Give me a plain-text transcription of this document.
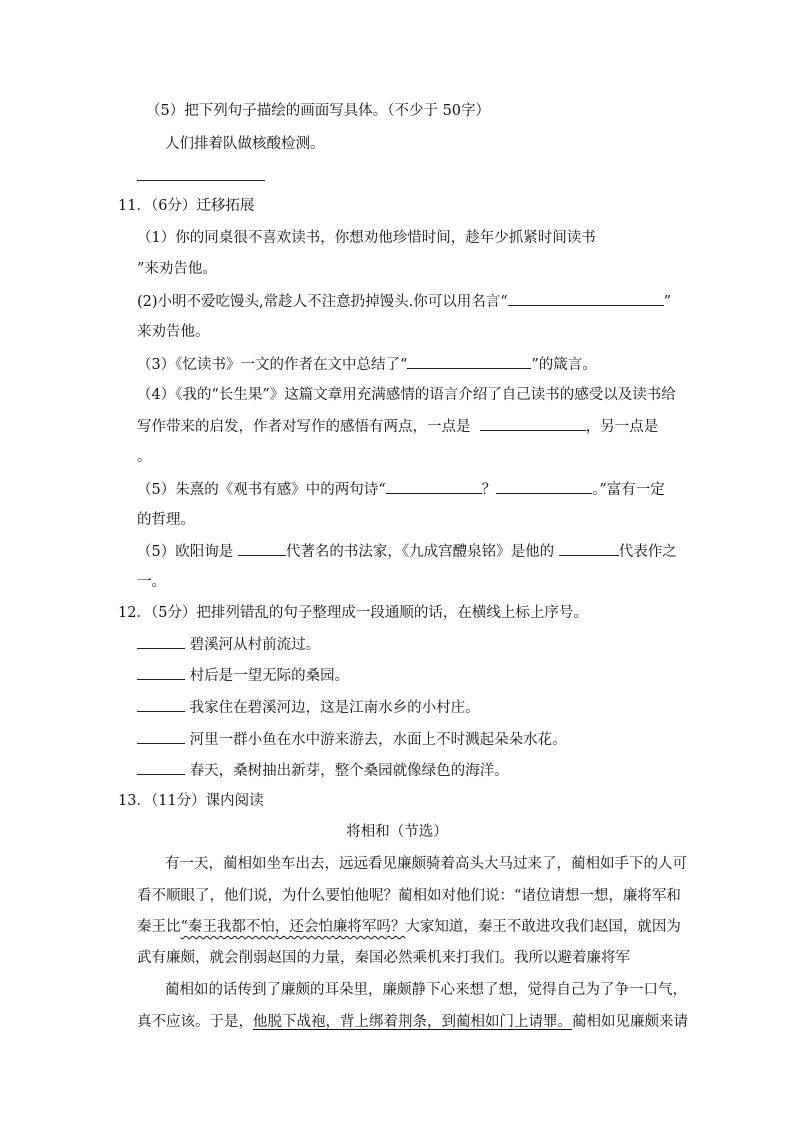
（5）把下列句子描绘的画面写具体。（不少于 50字）
人们排着队做核酸检测。
11．（6分）迁移拓展
（1）你的同桌很不喜欢读书，你想劝他珍惜时间，趁年少抓紧时间读书
”来劝告他。
(2)小明不爱吃馒头,常趁人不注意扔掉馒头.你可以用名言“	”
来劝告他。
（3）《忆读书》一文的作者在文中总结了“	”的箴言。
（4）《我的“长生果”》这篇文章用充满感情的语言介绍了自己读书的感受以及读书给
写作带来的启发，作者对写作的感悟有两点，一点是	，另一点是
。
（5）朱熹的《观书有感》中的两句诗“	？	。”富有一定
的哲理。
（5）欧阳询是	代著名的书法家，《九成宫醴泉铭》是他的	代表作之
一。
12．（5分）把排列错乱的句子整理成一段通顺的话，在横线上标上序号。
碧溪河从村前流过。
村后是一望无际的桑园。
我家住在碧溪河边，这是江南水乡的小村庄。
河里一群小鱼在水中游来游去，水面上不时溅起朵朵水花。
春天，桑树抽出新芽，整个桑园就像绿色的海洋。
13．（11分）课内阅读
将相和（节选）
有一天，蔺相如坐车出去，远远看见廉颇骑着高头大马过来了，蔺相如手下的人可
看不顺眼了，他们说，为什么要怕他呢？蔺相如对他们说：“诸位请想一想，廉将军和
秦王比“秦王我都不怕，还会怕廉将军吗？大家知道，秦王不敢进攻我们赵国，就因为
武有廉颇，就会削弱赵国的力量，秦国必然乘机来打我们。我所以避着廉将军
蔺相如的话传到了廉颇的耳朵里，廉颇静下心来想了想，觉得自己为了争一口气，
真不应该。于是，他脱下战袍，背上绑着荆条，到蔺相如门上请罪。蔺相如见廉颇来请
